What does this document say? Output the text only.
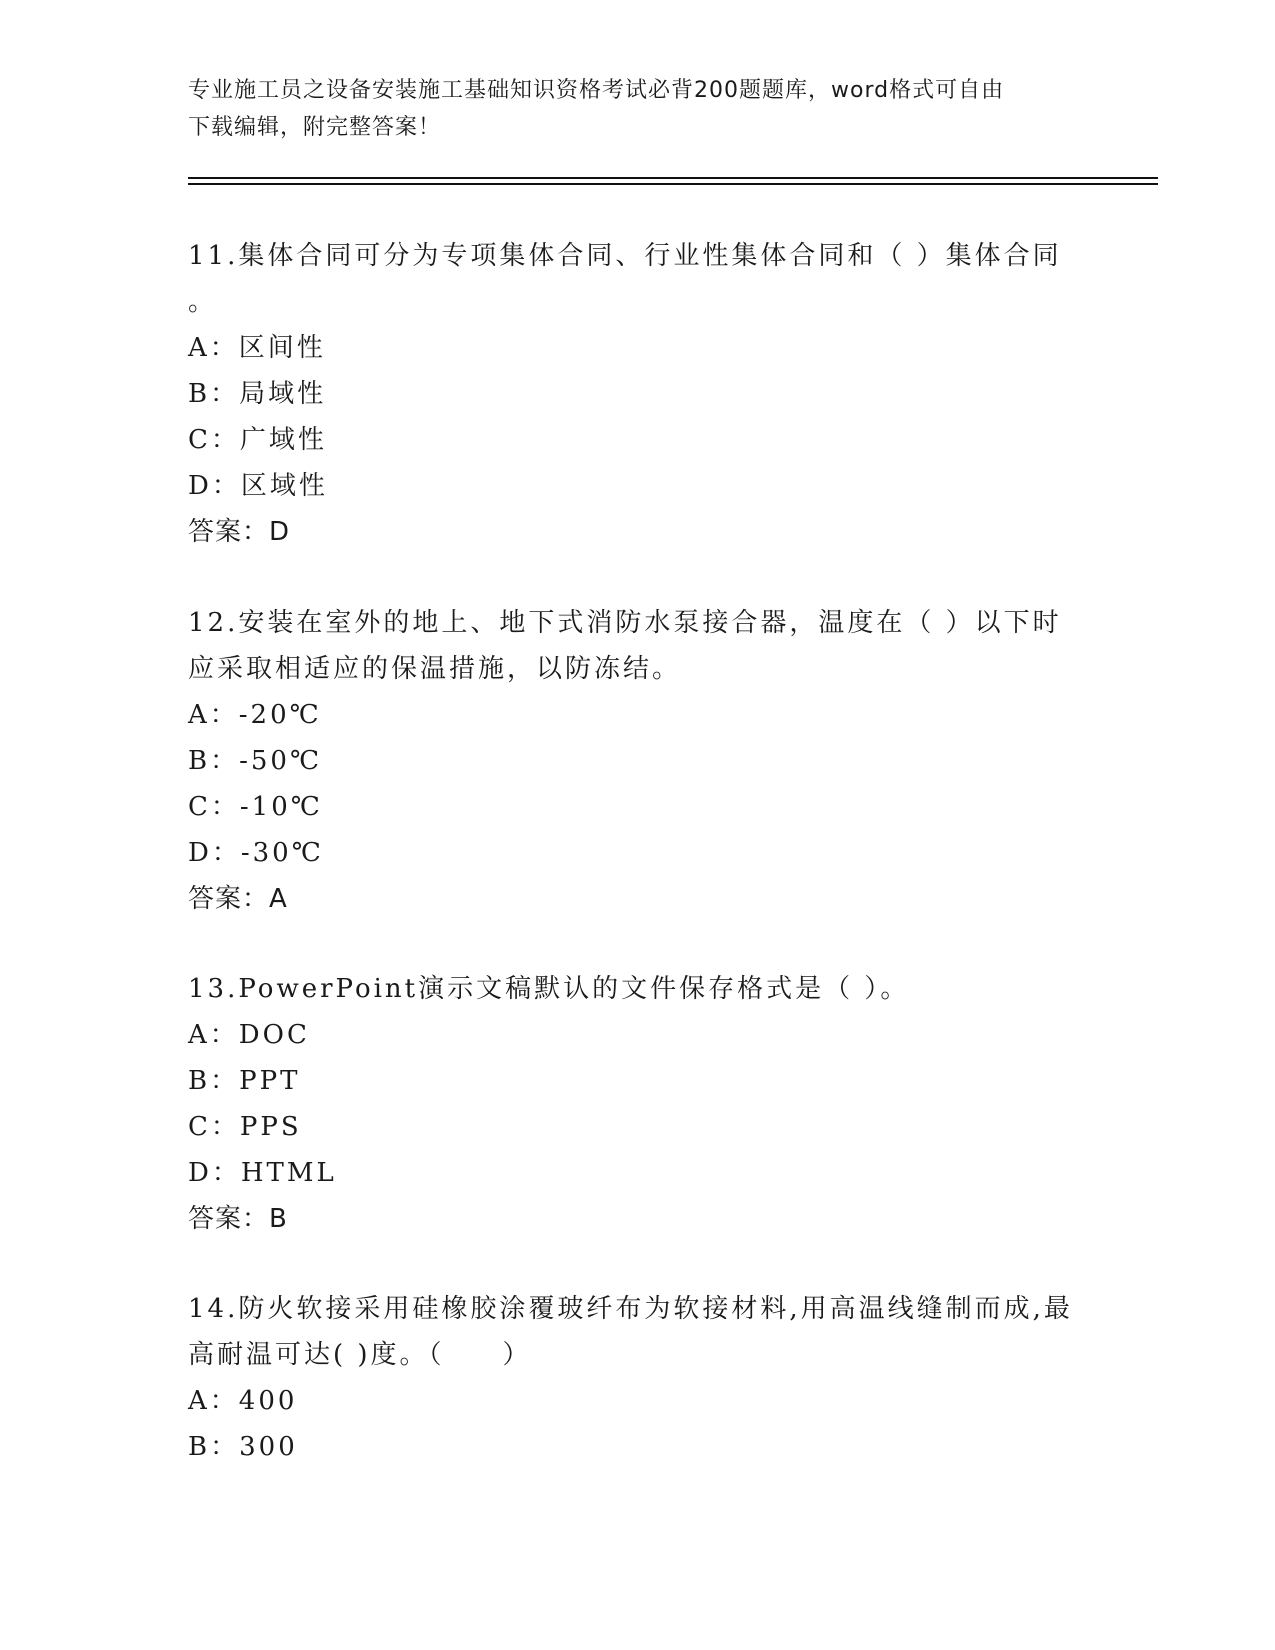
专业施工员之设备安装施工基础知识资格考试必背200题题库，word格式可自由
下载编辑，附完整答案！

11.集体合同可分为专项集体合同、行业性集体合同和（ ）集体合同

。

A：区间性

B：局域性

C：广域性

D：区域性

答案：D

12.安装在室外的地上、地下式消防水泵接合器，温度在（ ）以下时

应采取相适应的保温措施，以防冻结。

A：-20℃

B：-50℃

C：-10℃

D：-30℃

答案：A

13.PowerPoint演示文稿默认的文件保存格式是（ ）。

A：DOC

B：PPT

C：PPS

D：HTML

答案：B

14.防火软接采用硅橡胶涂覆玻纤布为软接材料,用高温线缝制而成,最

高耐温可达( )度。（　　）

A：400

B：300
